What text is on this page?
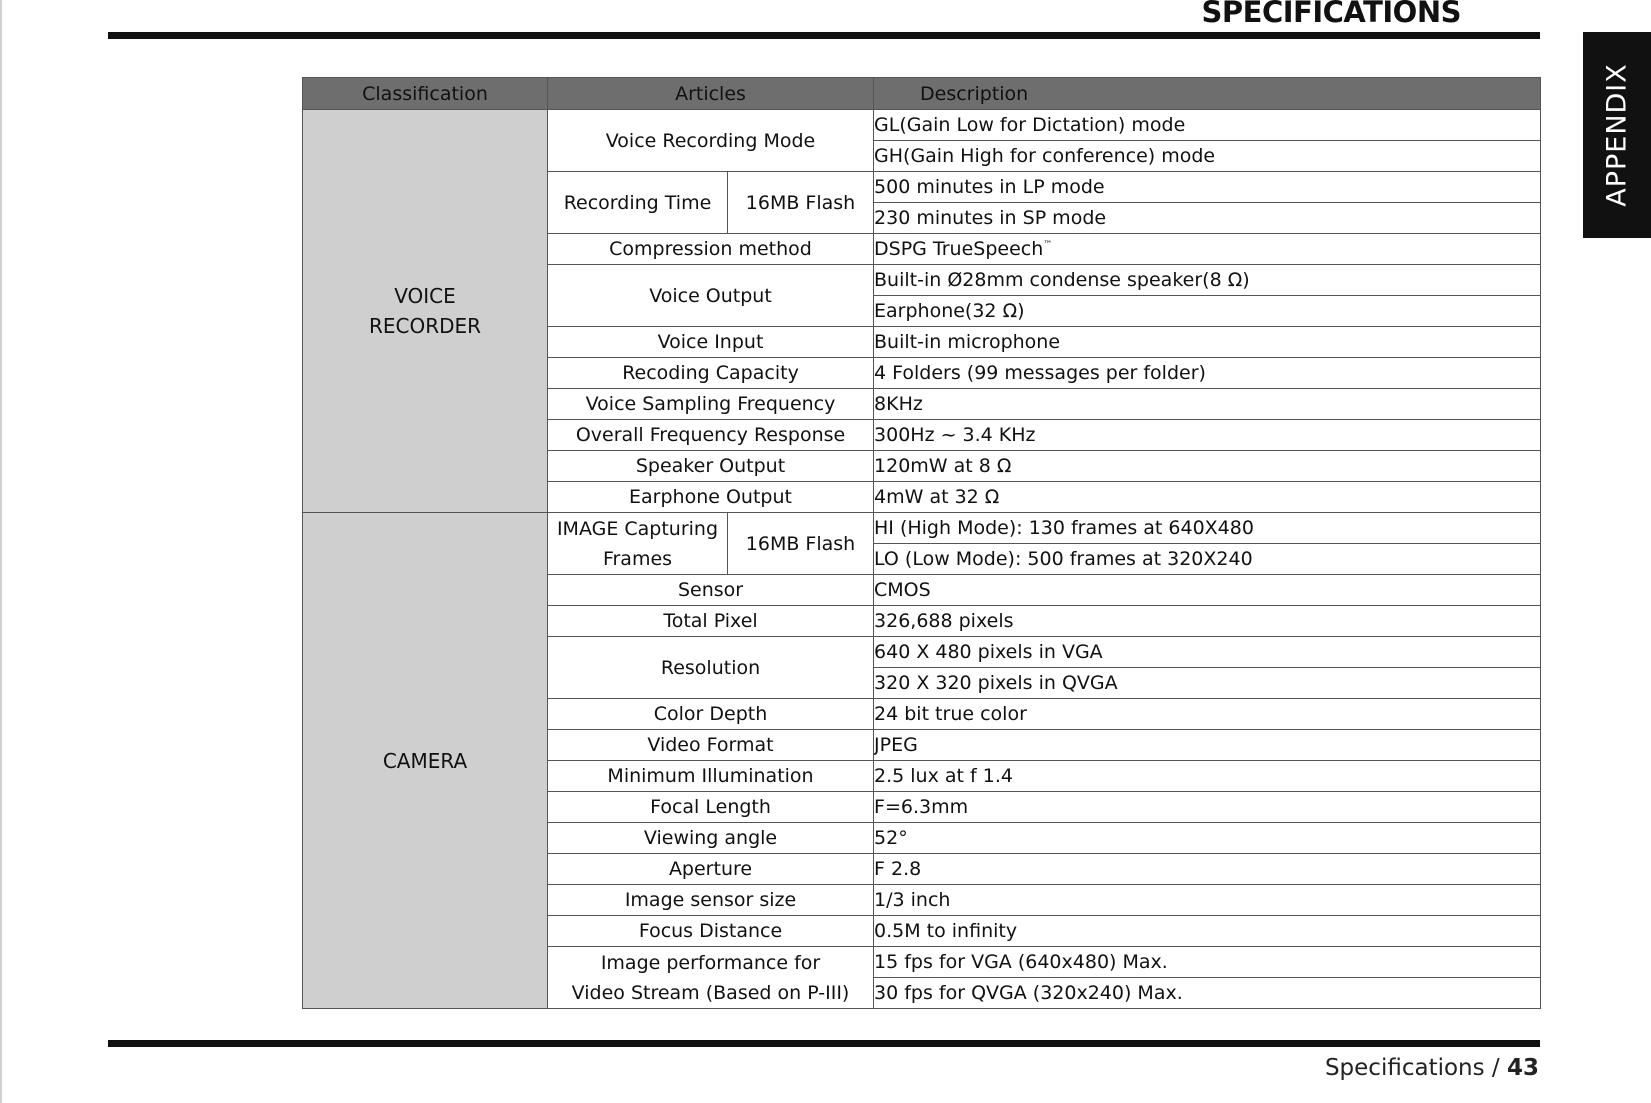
SPECIFICATIONS
APPENDIX
Classification	Articles		Description
VOICE
RECORDER	Voice Recording Mode		GL(Gain Low for Dictation) mode
			GH(Gain High for conference) mode
	Recording Time	16MB Flash	500 minutes in LP mode
			230 minutes in SP mode
	Compression method		DSPG TrueSpeech™
	Voice Output		Built-in Ø28mm condense speaker(8 Ω)
			Earphone(32 Ω)
	Voice Input		Built-in microphone
	Recoding Capacity		4 Folders (99 messages per folder)
	Voice Sampling Frequency		8KHz
	Overall Frequency Response		300Hz ~ 3.4 KHz
	Speaker Output		120mW at 8 Ω
	Earphone Output		4mW at 32 Ω
CAMERA	IMAGE Capturing
Frames	16MB Flash	HI (High Mode): 130 frames at 640X480
			LO (Low Mode): 500 frames at 320X240
	Sensor		CMOS
	Total Pixel		326,688 pixels
	Resolution		640 X 480 pixels in VGA
			320 X 320 pixels in QVGA
	Color Depth		24 bit true color
	Video Format		JPEG
	Minimum Illumination		2.5 lux at f 1.4
	Focal Length		F=6.3mm
	Viewing angle		52°
	Aperture		F 2.8
	Image sensor size		1/3 inch
	Focus Distance		0.5M to infinity
	Image performance for
Video Stream (Based on P-III)		15 fps for VGA (640x480) Max.
			30 fps for QVGA (320x240) Max.
Specifications / 43
